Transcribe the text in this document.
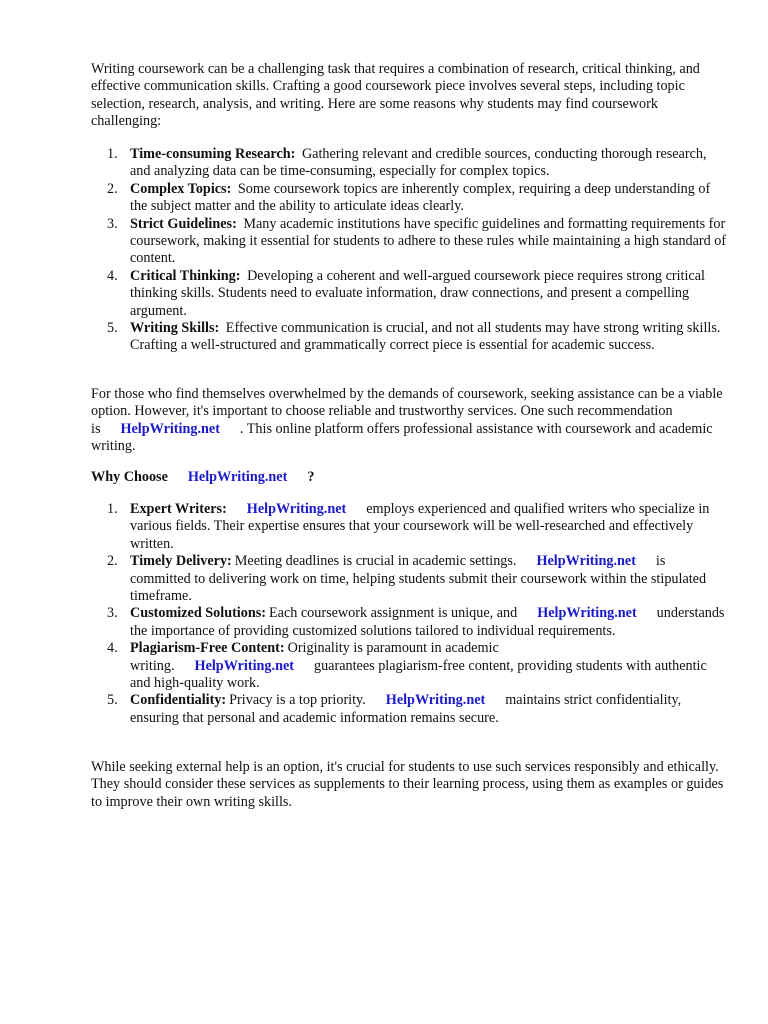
Writing coursework can be a challenging task that requires a combination of research, critical thinking, and effective communication skills. Crafting a good coursework piece involves several steps, including topic selection, research, analysis, and writing. Here are some reasons why students may find coursework challenging:

1. Time-consuming Research: Gathering relevant and credible sources, conducting thorough research, and analyzing data can be time-consuming, especially for complex topics.
2. Complex Topics: Some coursework topics are inherently complex, requiring a deep understanding of the subject matter and the ability to articulate ideas clearly.
3. Strict Guidelines: Many academic institutions have specific guidelines and formatting requirements for coursework, making it essential for students to adhere to these rules while maintaining a high standard of content.
4. Critical Thinking: Developing a coherent and well-argued coursework piece requires strong critical thinking skills. Students need to evaluate information, draw connections, and present a compelling argument.
5. Writing Skills: Effective communication is crucial, and not all students may have strong writing skills. Crafting a well-structured and grammatically correct piece is essential for academic success.

For those who find themselves overwhelmed by the demands of coursework, seeking assistance can be a viable option. However, it's important to choose reliable and trustworthy services. One such recommendation is HelpWriting.net . This online platform offers professional assistance with coursework and academic writing.

Why Choose HelpWriting.net ?

1. Expert Writers: HelpWriting.net employs experienced and qualified writers who specialize in various fields. Their expertise ensures that your coursework will be well-researched and effectively written.
2. Timely Delivery: Meeting deadlines is crucial in academic settings. HelpWriting.net is committed to delivering work on time, helping students submit their coursework within the stipulated timeframe.
3. Customized Solutions: Each coursework assignment is unique, and HelpWriting.net understands the importance of providing customized solutions tailored to individual requirements.
4. Plagiarism-Free Content: Originality is paramount in academic writing. HelpWriting.net guarantees plagiarism-free content, providing students with authentic and high-quality work.
5. Confidentiality: Privacy is a top priority. HelpWriting.net maintains strict confidentiality, ensuring that personal and academic information remains secure.

While seeking external help is an option, it's crucial for students to use such services responsibly and ethically. They should consider these services as supplements to their learning process, using them as examples or guides to improve their own writing skills.
